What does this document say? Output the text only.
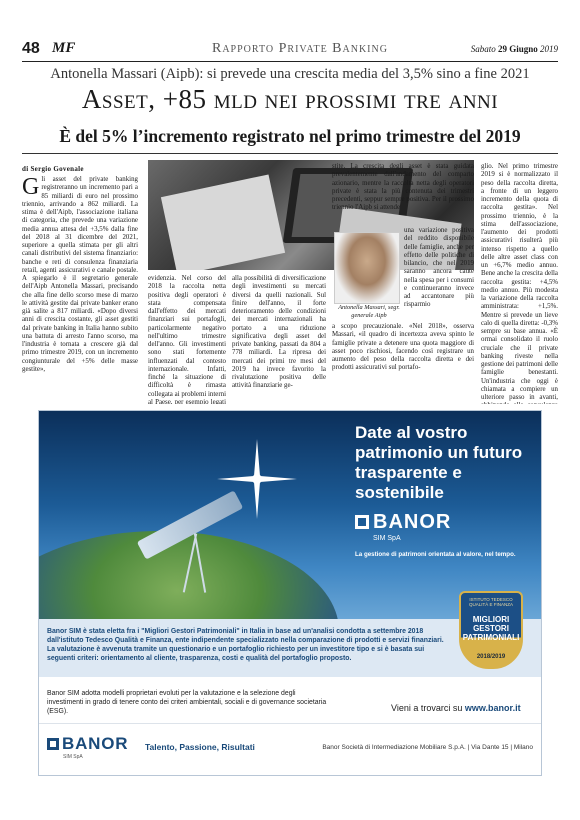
48 MF	Rapporto Private Banking	Sabato 29 Giugno 2019
Antonella Massari (Aipb): si prevede una crescita media del 3,5% sino a fine 2021
Asset, +85 mld nei prossimi tre anni
È del 5% l’incremento registrato nel primo trimestre del 2019
di Sergio Govenale
Gli asset del private banking registreranno un incremento pari a 85 miliardi di euro nel prossimo triennio, arrivando a 862 miliardi. La stima è dell'Aipb, l'associazione italiana di categoria, che prevede una variazione media annua attesa del +3,5% dalla fine del 2018 al 31 dicembre del 2021, superiore a quella stimata per gli altri canali distributivi del sistema finanziario: banche e reti di consulenza finanziaria retail, agenti assicurativi e canale postale. A spiegarlo è il segretario generale dell'Aipb Antonella Massari, precisando che alla fine dello scorso mese di marzo le attività gestite dai private banker erano già salite a 817 miliardi. «Dopo diversi anni di crescita costante, gli asset gestiti dal private banking in Italia hanno subito una battuta di arresto l'anno scorso, ma l'industria è tornata a crescere già dal primo trimestre 2019, con un incremento congiunturale del +5% delle masse gestite»,
evidenzia. Nel corso del 2018 la raccolta netta positiva degli operatori è stata compensata dall'effetto dei mercati finanziari sui portafogli, particolarmente negativo nell'ultimo trimestre dell'anno. Gli investimenti sono stati fortemente influenzati dal contesto internazionale. Infatti, finché la situazione di difficoltà è rimasta collegata ai problemi interni al Paese, per esempio legati
alla possibilità di diversificazione degli investimenti su mercati diversi da quelli nazionali. Sul finire dell'anno, il forte deterioramento delle condizioni dei mercati internazionali ha portato a una riduzione significativa degli asset del private banking, passati da 804 a 778 miliardi. La ripresa dei mercati dei primi tre mesi del 2019 ha invece favorito la rivalutazione positiva delle attività finanziarie ge-
stite. La crescita degli asset è stata guidata prevalentemente dall'andamento del comparto azionario, mentre la raccolta netta degli operatori private è stata la più contenuta dei trimestri precedenti, seppur sempre positiva. Per il prossimo triennio l'Aipb si attende
una variazione positiva del reddito disponibile delle famiglie, anche per effetto delle politiche di bilancio, che nel 2019 saranno ancora caute nella spesa per i consumi e continueranno invece ad accantonare più risparmio
Antonella Massari, segr. generale Aipb
a scopo precauzionale. «Nel 2018», osserva Massari, «il quadro di incertezza aveva spinto le famiglie private a detenere una quota maggiore di asset poco rischiosi, facendo così registrare un aumento del peso della raccolta diretta e dei prodotti assicurativi sul portafo-
glio. Nel primo trimestre 2019 si è normalizzato il peso della raccolta diretta, a fronte di un leggero incremento della quota di raccolta gestita». Nel prossimo triennio, è la stima dell'associazione, l'aumento dei prodotti assicurativi risulterà più intenso rispetto a quello delle altre asset class con un +6,7% medio annuo. Bene anche la crescita della raccolta gestita: +4,5% medio annuo. Più modesta la variazione della raccolta amministrata: +1,5%. Mentre si prevede un lieve calo di quella diretta: -0,3% sempre su base annua. «È ormai consolidato il ruolo cruciale che il private banking riveste nella gestione dei patrimoni delle famiglie benestanti. Un'industria che oggi è chiamata a compiere un ulteriore passo in avanti,
Date al vostro patrimonio un futuro trasparente e sostenibile
BANOR
SIM SpA
La gestione di patrimoni orientata al valore, nel tempo.
Banor SIM è stata eletta fra i "Migliori Gestori Patrimoniali" in Italia in base ad un'analisi condotta a settembre 2018 dall'istituto Tedesco Qualità e Finanza, ente indipendente specializzato nella comparazione di prodotti e servizi finanziari. La valutazione è avvenuta tramite un questionario e un portafoglio richiesto per un investitore tipo e si è basata sui seguenti criteri: orientamento al cliente, trasparenza, costi e qualità del portafoglio proposto.
ISTITUTO TEDESCO QUALITÀ E FINANZA
MIGLIORI GESTORI PATRIMONIALI
2018/2019
Banor SIM adotta modelli proprietari evoluti per la valutazione e la selezione degli investimenti in grado di tenere conto dei criteri ambientali, sociali e di governance societaria (ESG).	Vieni a trovarci su www.banor.it
BANOR
SIM SpA
Talento, Passione, Risultati	Banor Società di Intermediazione Mobiliare S.p.A. | Via Dante 15 | Milano
